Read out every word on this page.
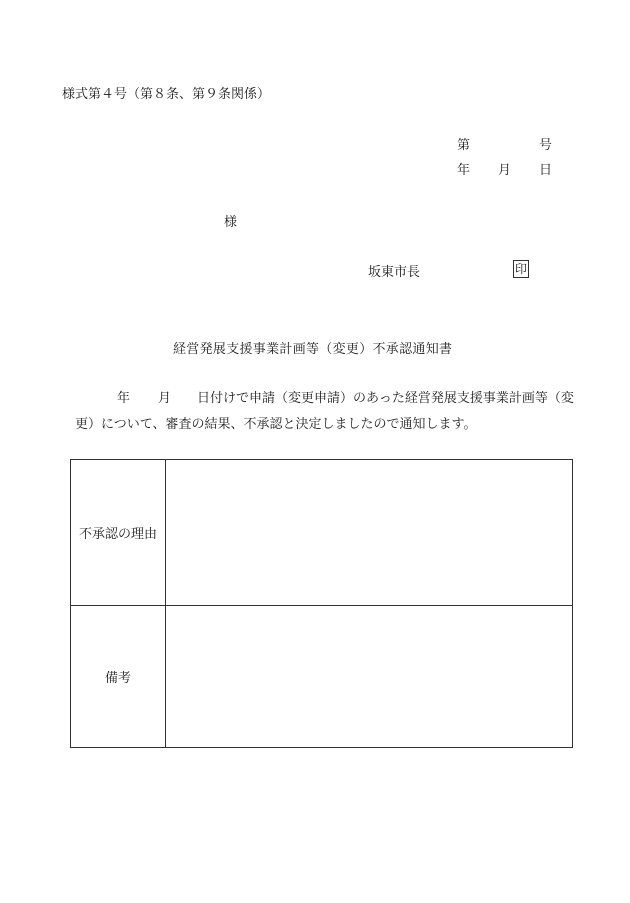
様式第４号（第８条、第９条関係）
第	号
年 月 日
様
坂東市長	印
経営発展支援事業計画等（変更）不承認通知書
年 月 日付けで申請（変更申請）のあった経営発展支援事業計画等（変
更）について、審査の結果、不承認と決定しましたので通知します。
不承認の理由	
備考	
